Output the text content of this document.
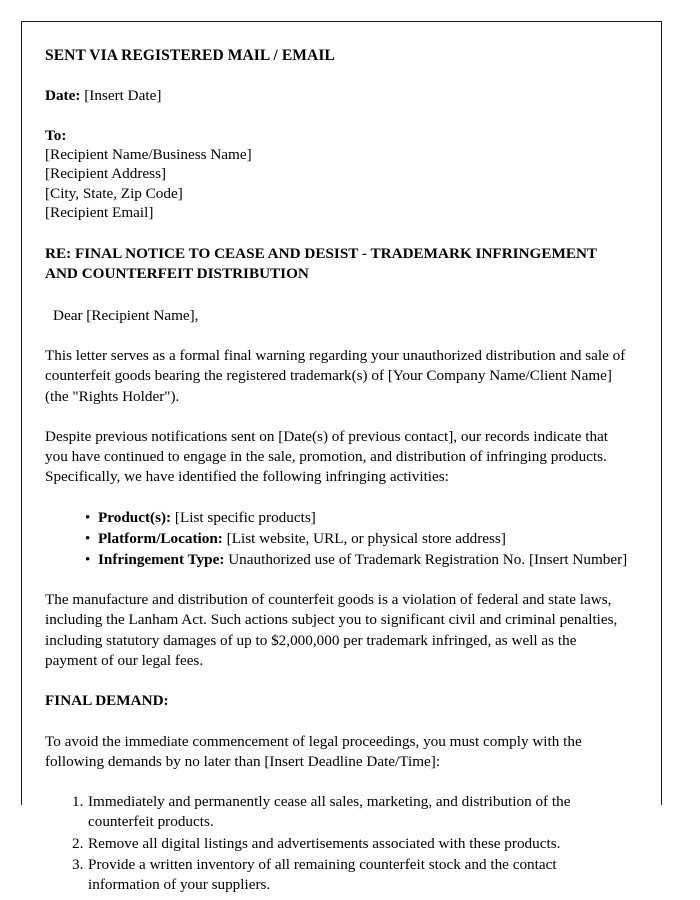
SENT VIA REGISTERED MAIL / EMAIL
Date: [Insert Date]
To:
[Recipient Name/Business Name]
[Recipient Address]
[City, State, Zip Code]
[Recipient Email]
RE: FINAL NOTICE TO CEASE AND DESIST - TRADEMARK INFRINGEMENT AND COUNTERFEIT DISTRIBUTION
Dear [Recipient Name],

This letter serves as a formal final warning regarding your unauthorized distribution and sale of counterfeit goods bearing the registered trademark(s) of [Your Company Name/Client Name] (the "Rights Holder").

Despite previous notifications sent on [Date(s) of previous contact], our records indicate that you have continued to engage in the sale, promotion, and distribution of infringing products. Specifically, we have identified the following infringing activities:

• Product(s): [List specific products]
• Platform/Location: [List website, URL, or physical store address]
• Infringement Type: Unauthorized use of Trademark Registration No. [Insert Number]

The manufacture and distribution of counterfeit goods is a violation of federal and state laws, including the Lanham Act. Such actions subject you to significant civil and criminal penalties, including statutory damages of up to $2,000,000 per trademark infringed, as well as the payment of our legal fees.

FINAL DEMAND:

To avoid the immediate commencement of legal proceedings, you must comply with the following demands by no later than [Insert Deadline Date/Time]:

Immediately and permanently cease all sales, marketing, and distribution of the counterfeit products.
Remove all digital listings and advertisements associated with these products.
Provide a written inventory of all remaining counterfeit stock and the contact information of your suppliers.
